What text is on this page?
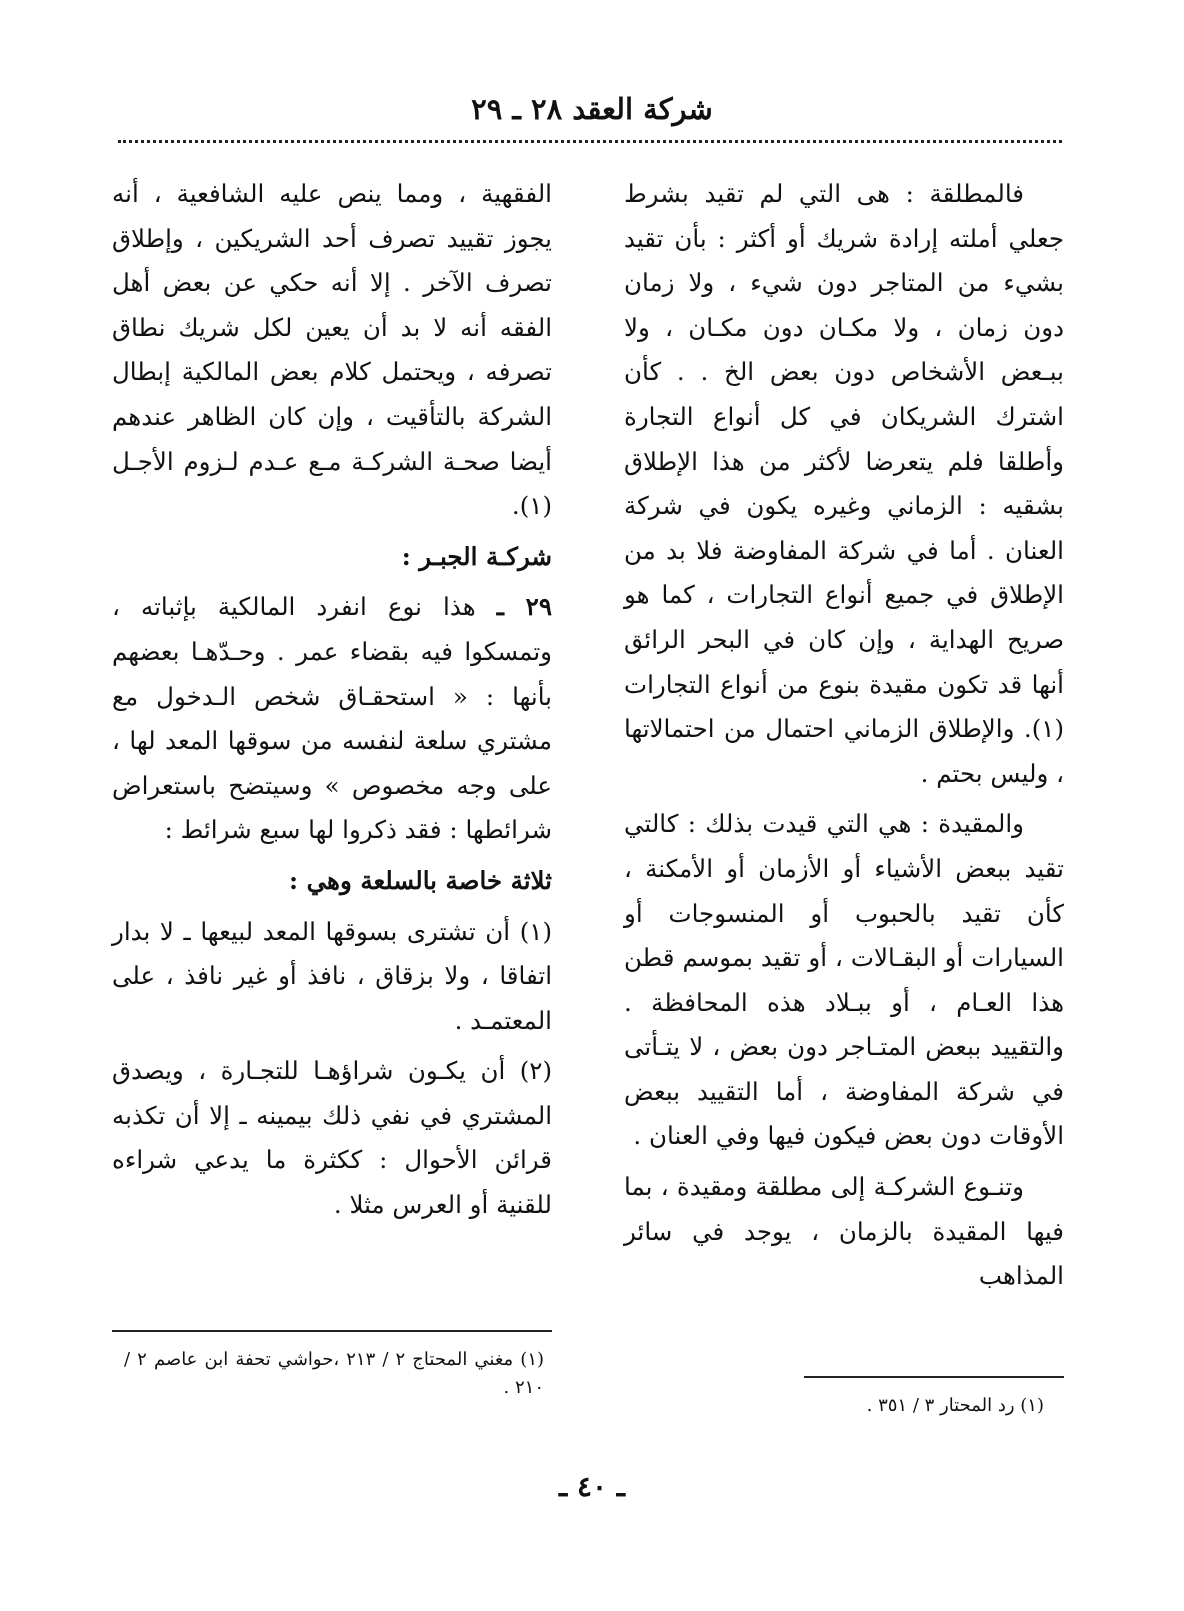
شركة العقد ٢٨ ـ ٢٩

فالمطلقة : هى التي لم تقيد بشرط جعلي أملته إرادة شريك أو أكثر : بأن تقيد بشيء من المتاجر دون شيء ، ولا زمان دون زمان ، ولا مكـان دون مكـان ، ولا ببـعض الأشخاص دون بعض الخ . . كأن اشترك الشريكان في كل أنواع التجارة وأطلقا فلم يتعرضا لأكثر من هذا الإطلاق بشقيه : الزماني وغيره يكون في شركة العنان . أما في شركة المفاوضة فلا بد من الإطلاق في جميع أنواع التجارات ، كما هو صريح الهداية ، وإن كان في البحر الرائق أنها قد تكون مقيدة بنوع من أنواع التجارات (١). والإطلاق الزماني احتمال من احتمالاتها ، وليس بحتم .

والمقيدة : هي التي قيدت بذلك : كالتي تقيد ببعض الأشياء أو الأزمان أو الأمكنة ، كأن تقيد بالحبوب أو المنسوجات أو السيارات أو البقـالات ، أو تقيد بموسم قطن هذا العـام ، أو ببـلاد هذه المحافظة . والتقييد ببعض المتـاجر دون بعض ، لا يتـأتى في شركة المفاوضة ، أما التقييد ببعض الأوقات دون بعض فيكون فيها وفي العنان .

وتنـوع الشركـة إلى مطلقة ومقيدة ، بما فيها المقيدة بالزمان ، يوجد في سائر المذاهب

الفقهية ، ومما ينص عليه الشافعية ، أنه يجوز تقييد تصرف أحد الشريكين ، وإطلاق تصرف الآخر . إلا أنه حكي عن بعض أهل الفقه أنه لا بد أن يعين لكل شريك نطاق تصرفه ، ويحتمل كلام بعض المالكية إبطال الشركة بالتأقيت ، وإن كان الظاهر عندهم أيضا صحـة الشركـة مـع عـدم لـزوم الأجـل (١).

شركـة الجبـر :

٢٩ ـ هذا نوع انفرد المالكية بإثباته ، وتمسكوا فيه بقضاء عمر . وحـدّهـا بعضهم بأنها : « استحقـاق شخص الـدخول مع مشتري سلعة لنفسه من سوقها المعد لها ، على وجه مخصوص » وسيتضح باستعراض شرائطها : فقد ذكروا لها سبع شرائط :

ثلاثة خاصة بالسلعة وهي :

(١) أن تشترى بسوقها المعد لبيعها ـ لا بدار اتفاقا ، ولا بزقاق ، نافذ أو غير نافذ ، على المعتمـد .

(٢) أن يكـون شراؤهـا للتجـارة ، ويصدق المشتري في نفي ذلك بيمينه ـ إلا أن تكذبه قرائن الأحوال : ككثرة ما يدعي شراءه للقنية أو العرس مثلا .

(١) مغني المحتاج ٢ / ٢١٣ ،حواشي تحفة ابن عاصم ٢ / ٢١٠ .
(١) رد المحتار ٣ / ٣٥١ .
ـ ٤٠ ـ
